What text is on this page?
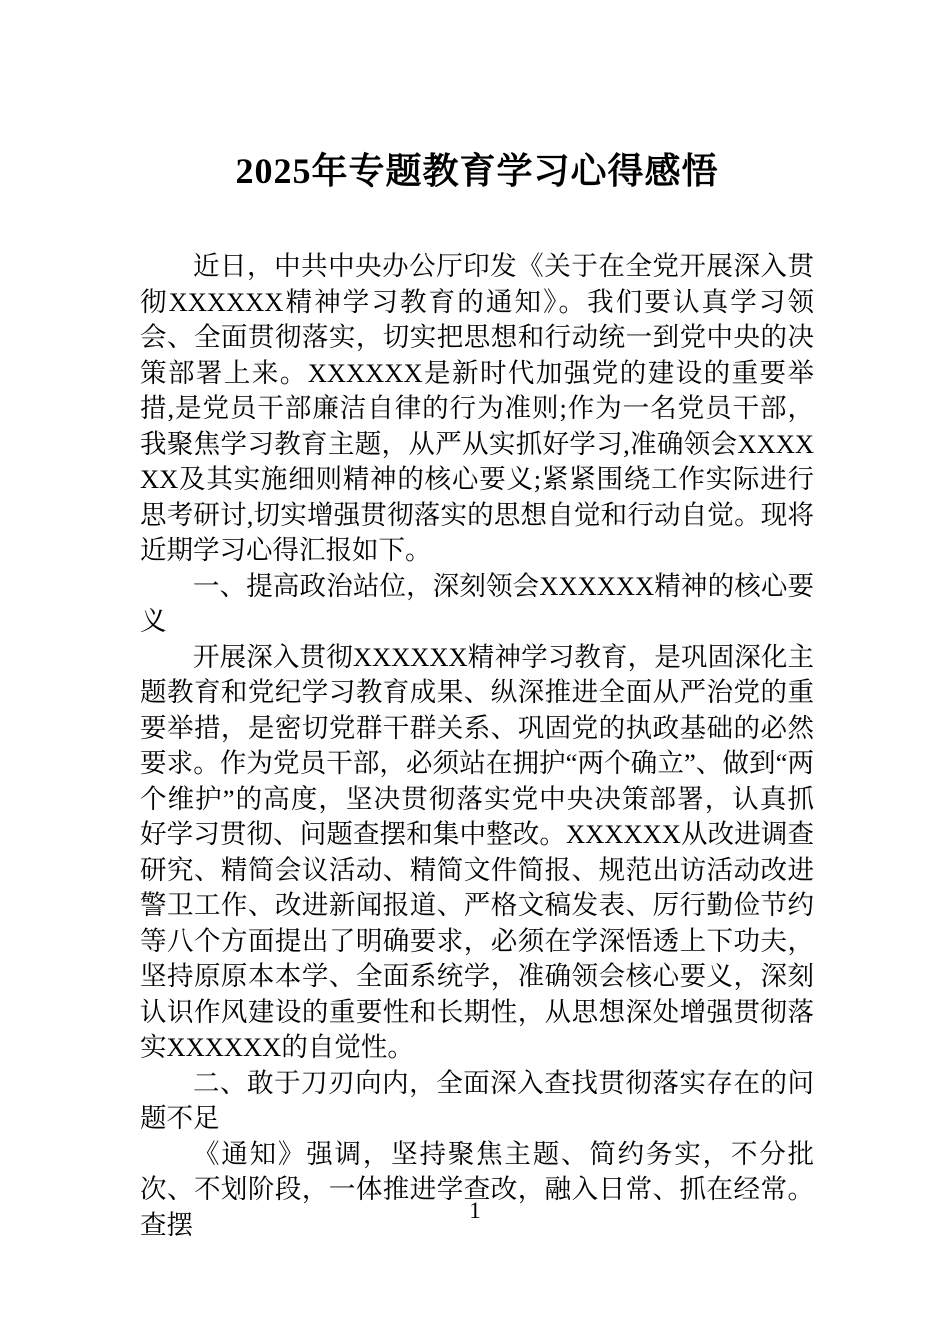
2025年专题教育学习心得感悟

近日，中共中央办公厅印发《关于在全党开展深入贯彻XXXXXX精神学习教育的通知》。我们要认真学习领会、全面贯彻落实，切实把思想和行动统一到党中央的决策部署上来。XXXXXX是新时代加强党的建设的重要举措,是党员干部廉洁自律的行为准则;作为一名党员干部，我聚焦学习教育主题，从严从实抓好学习,准确领会XXXXXX及其实施细则精神的核心要义;紧紧围绕工作实际进行思考研讨,切实增强贯彻落实的思想自觉和行动自觉。现将近期学习心得汇报如下。

一、提高政治站位，深刻领会XXXXXX精神的核心要义

开展深入贯彻XXXXXX精神学习教育，是巩固深化主题教育和党纪学习教育成果、纵深推进全面从严治党的重要举措，是密切党群干群关系、巩固党的执政基础的必然要求。作为党员干部，必须站在拥护“两个确立”、做到“两个维护”的高度，坚决贯彻落实党中央决策部署，认真抓好学习贯彻、问题查摆和集中整改。XXXXXX从改进调查研究、精简会议活动、精简文件简报、规范出访活动改进警卫工作、改进新闻报道、严格文稿发表、厉行勤俭节约等八个方面提出了明确要求，必须在学深悟透上下功夫，坚持原原本本学、全面系统学，准确领会核心要义，深刻认识作风建设的重要性和长期性，从思想深处增强贯彻落实XXXXXX的自觉性。

二、敢于刀刃向内，全面深入查找贯彻落实存在的问题不足

《通知》强调，坚持聚焦主题、简约务实，不分批次、不划阶段，一体推进学查改，融入日常、抓在经常。查摆	1
